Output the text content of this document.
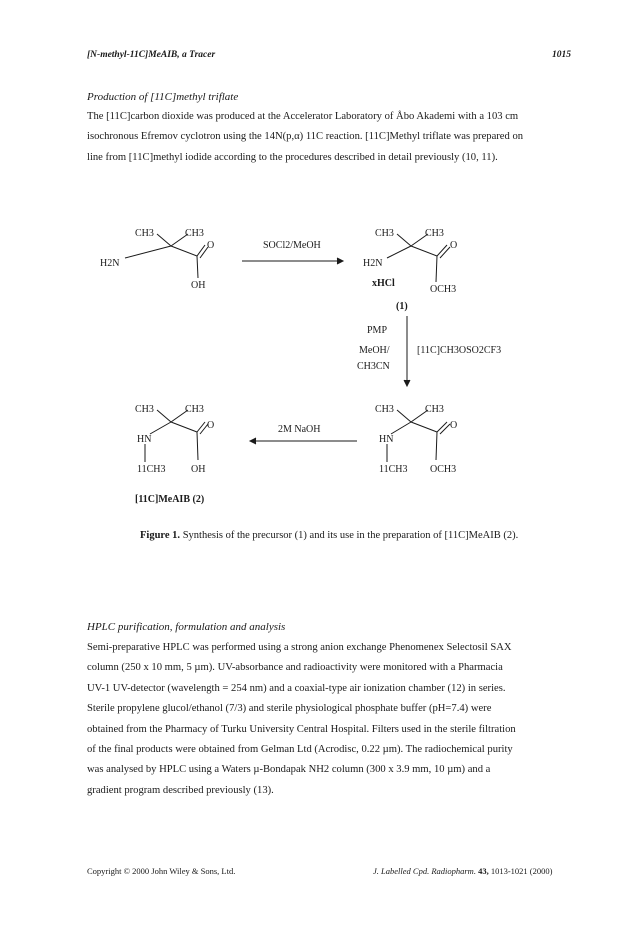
[N-methyl-11C]MeAIB, a Tracer	1015
Production of [11C]methyl triflate

The [11C]carbon dioxide was produced at the Accelerator Laboratory of Åbo Akademi with a 103 cm

isochronous Efremov cyclotron using the 14N(p,α) 11C reaction. [11C]Methyl triflate was prepared on

line from [11C]methyl iodide according to the procedures described in detail previously (10, 11).

CH3	CH3
H2N
O
OH
SOCl2/MeOH
CH3	CH3
H2N
O
xHCl
OCH3
(1)
PMP
MeOH/
CH3CN
[11C]CH3OSO2CF3
CH3	CH3
HN
O
11CH3 OCH3
2M NaOH
CH3	CH3
HN
O
11CH3	OH
[11C]MeAIB (2)
Figure 1. Synthesis of the precursor (1) and its use in the preparation of [11C]MeAIB (2).
HPLC purification, formulation and analysis

Semi-preparative HPLC was performed using a strong anion exchange Phenomenex Selectosil SAX

column (250 x 10 mm, 5 µm). UV-absorbance and radioactivity were monitored with a Pharmacia

UV-1 UV-detector (wavelength = 254 nm) and a coaxial-type air ionization chamber (12) in series.

Sterile propylene glucol/ethanol (7/3) and sterile physiological phosphate buffer (pH=7.4) were

obtained from the Pharmacy of Turku University Central Hospital. Filters used in the sterile filtration

of the final products were obtained from Gelman Ltd (Acrodisc, 0.22 µm). The radiochemical purity

was analysed by HPLC using a Waters µ-Bondapak NH2 column (300 x 3.9 mm, 10 µm) and a

gradient program described previously (13).

Copyright © 2000 John Wiley & Sons, Ltd.	J. Labelled Cpd. Radiopharm. 43, 1013-1021 (2000)
